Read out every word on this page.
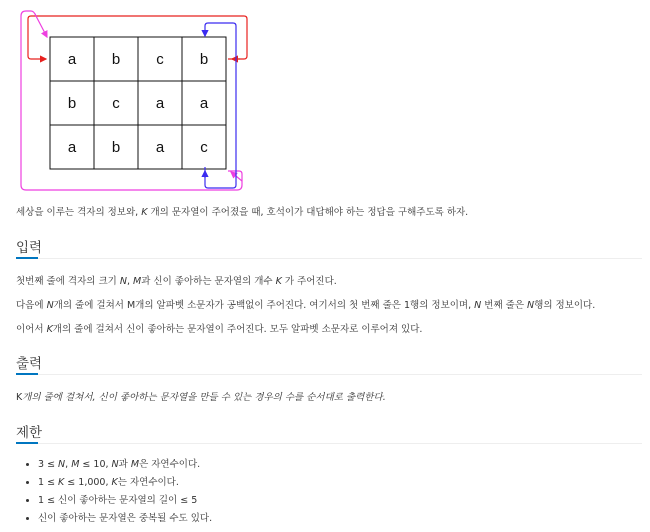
a b c b
b c a a
a b a c
세상을 이루는 격자의 정보와, K 개의 문자열이 주어졌을 때, 호석이가 대답해야 하는 정답을 구해주도록 하자.
입력
첫번째 줄에 격자의 크기 N, M과 신이 좋아하는 문자열의 개수 K 가 주어진다.
다음에 N개의 줄에 걸쳐서 M개의 알파벳 소문자가 공백없이 주어진다. 여기서의 첫 번째 줄은 1행의 정보이며, N 번째 줄은 N행의 정보이다.
이어서 K개의 줄에 걸쳐서 신이 좋아하는 문자열이 주어진다. 모두 알파벳 소문자로 이루어져 있다.
출력
K개의 줄에 걸쳐서, 신이 좋아하는 문자열을 만들 수 있는 경우의 수를 순서대로 출력한다.
제한
• 3 ≤ N, M ≤ 10, N과 M은 자연수이다.
• 1 ≤ K ≤ 1,000, K는 자연수이다.
• 1 ≤ 신이 좋아하는 문자열의 길이 ≤ 5
• 신이 좋아하는 문자열은 중복될 수도 있다.
